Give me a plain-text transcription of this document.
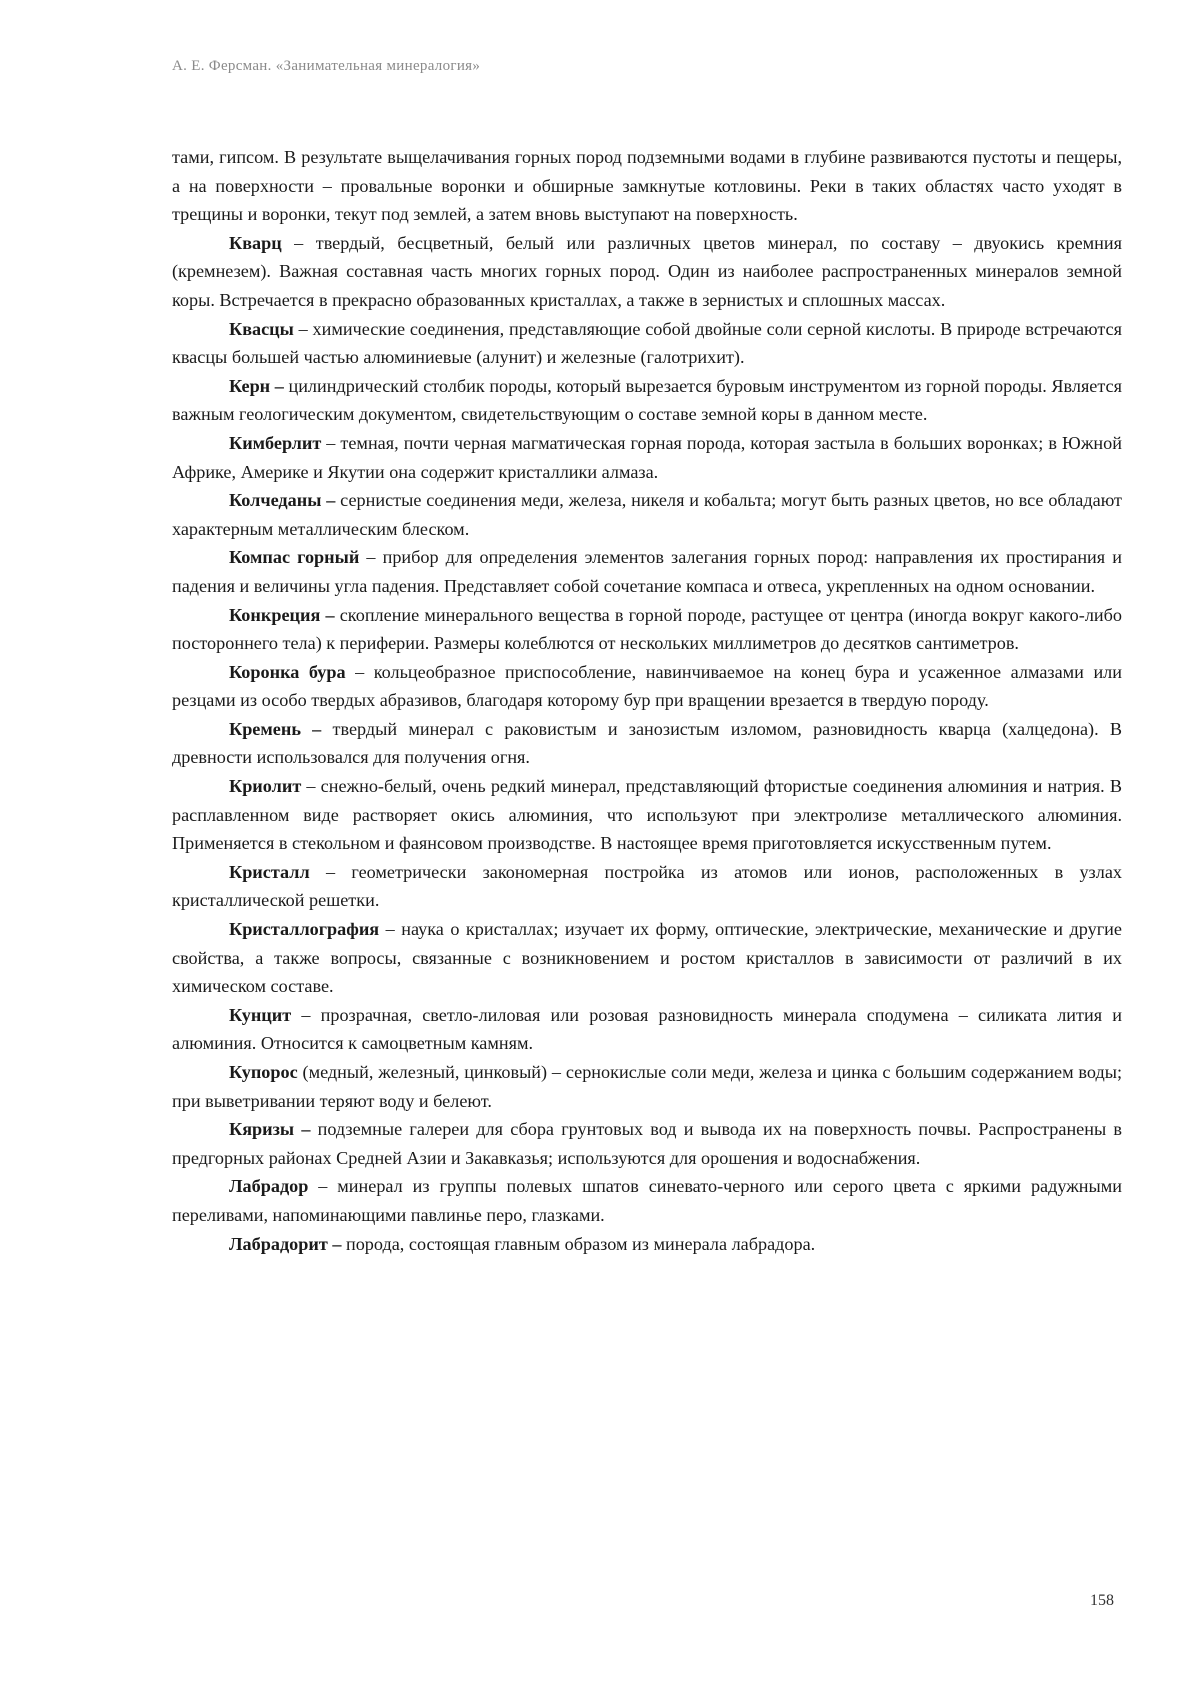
А. Е. Ферсман. «Занимательная минералогия»

тами, гипсом. В результате выщелачивания горных пород подземными водами в глубине развиваются пустоты и пещеры, а на поверхности – провальные воронки и обширные замкнутые котловины. Реки в таких областях часто уходят в трещины и воронки, текут под землей, а затем вновь выступают на поверхность.

Кварц – твердый, бесцветный, белый или различных цветов минерал, по составу – двуокись кремния (кремнезем). Важная составная часть многих горных пород. Один из наиболее распространенных минералов земной коры. Встречается в прекрасно образованных кристаллах, а также в зернистых и сплошных массах.

Квасцы – химические соединения, представляющие собой двойные соли серной кислоты. В природе встречаются квасцы большей частью алюминиевые (алунит) и железные (галотрихит).

Керн – цилиндрический столбик породы, который вырезается буровым инструментом из горной породы. Является важным геологическим документом, свидетельствующим о составе земной коры в данном месте.

Кимберлит – темная, почти черная магматическая горная порода, которая застыла в больших воронках; в Южной Африке, Америке и Якутии она содержит кристаллики алмаза.

Колчеданы – сернистые соединения меди, железа, никеля и кобальта; могут быть разных цветов, но все обладают характерным металлическим блеском.

Компас горный – прибор для определения элементов залегания горных пород: направления их простирания и падения и величины угла падения. Представляет собой сочетание компаса и отвеса, укрепленных на одном основании.

Конкреция – скопление минерального вещества в горной породе, растущее от центра (иногда вокруг какого-либо постороннего тела) к периферии. Размеры колеблются от нескольких миллиметров до десятков сантиметров.

Коронка бура – кольцеобразное приспособление, навинчиваемое на конец бура и усаженное алмазами или резцами из особо твердых абразивов, благодаря которому бур при вращении врезается в твердую породу.

Кремень – твердый минерал с раковистым и занозистым изломом, разновидность кварца (халцедона). В древности использовался для получения огня.

Криолит – снежно-белый, очень редкий минерал, представляющий фтористые соединения алюминия и натрия. В расплавленном виде растворяет окись алюминия, что используют при электролизе металлического алюминия. Применяется в стекольном и фаянсовом производстве. В настоящее время приготовляется искусственным путем.

Кристалл – геометрически закономерная постройка из атомов или ионов, расположенных в узлах кристаллической решетки.

Кристаллография – наука о кристаллах; изучает их форму, оптические, электрические, механические и другие свойства, а также вопросы, связанные с возникновением и ростом кристаллов в зависимости от различий в их химическом составе.

Кунцит – прозрачная, светло-лиловая или розовая разновидность минерала сподумена – силиката лития и алюминия. Относится к самоцветным камням.

Купорос (медный, железный, цинковый) – сернокислые соли меди, железа и цинка с большим содержанием воды; при выветривании теряют воду и белеют.

Кяризы – подземные галереи для сбора грунтовых вод и вывода их на поверхность почвы. Распространены в предгорных районах Средней Азии и Закавказья; используются для орошения и водоснабжения.

Лабрадор – минерал из группы полевых шпатов синевато-черного или серого цвета с яркими радужными переливами, напоминающими павлинье перо, глазками.

Лабрадорит – порода, состоящая главным образом из минерала лабрадора.

158
